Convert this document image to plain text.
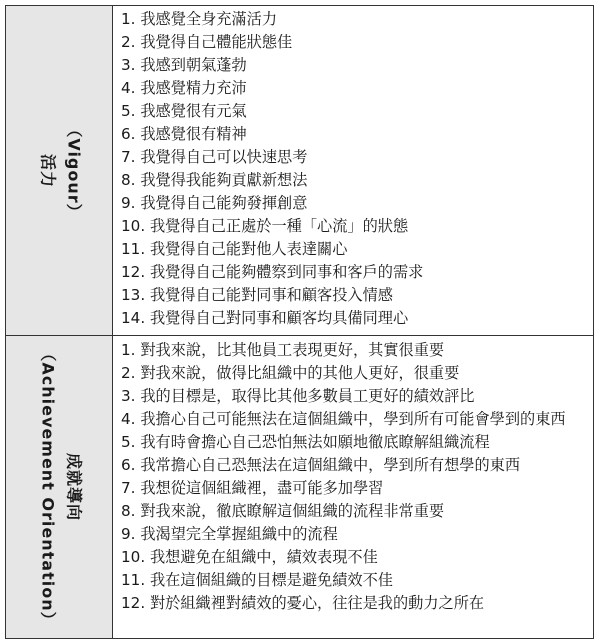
活力 （Vigour）
1. 我感覺全身充滿活力
2. 我覺得自己體能狀態佳
3. 我感到朝氣蓬勃
4. 我感覺精力充沛
5. 我感覺很有元氣
6. 我感覺很有精神
7. 我覺得自己可以快速思考
8. 我覺得我能夠貢獻新想法
9. 我覺得自己能夠發揮創意
10. 我覺得自己正處於一種「心流」的狀態
11. 我覺得自己能對他人表達關心
12. 我覺得自己能夠體察到同事和客戶的需求
13. 我覺得自己能對同事和顧客投入情感
14. 我覺得自己對同事和顧客均具備同理心
成就導向
（Achievement Orientation）	1. 對我來說，比其他員工表現更好，其實很重要
2. 對我來說，做得比組織中的其他人更好，很重要
3. 我的目標是，取得比其他多數員工更好的績效評比
4. 我擔心自己可能無法在這個組織中，學到所有可能會學到的東西
5. 我有時會擔心自己恐怕無法如願地徹底瞭解組織流程
6. 我常擔心自己恐無法在這個組織中，學到所有想學的東西
7. 我想從這個組織裡，盡可能多加學習
8. 對我來說，徹底瞭解這個組織的流程非常重要
9. 我渴望完全掌握組織中的流程
10. 我想避免在組織中，績效表現不佳
11. 我在這個組織的目標是避免績效不佳
12. 對於組織裡對績效的憂心，往往是我的動力之所在
